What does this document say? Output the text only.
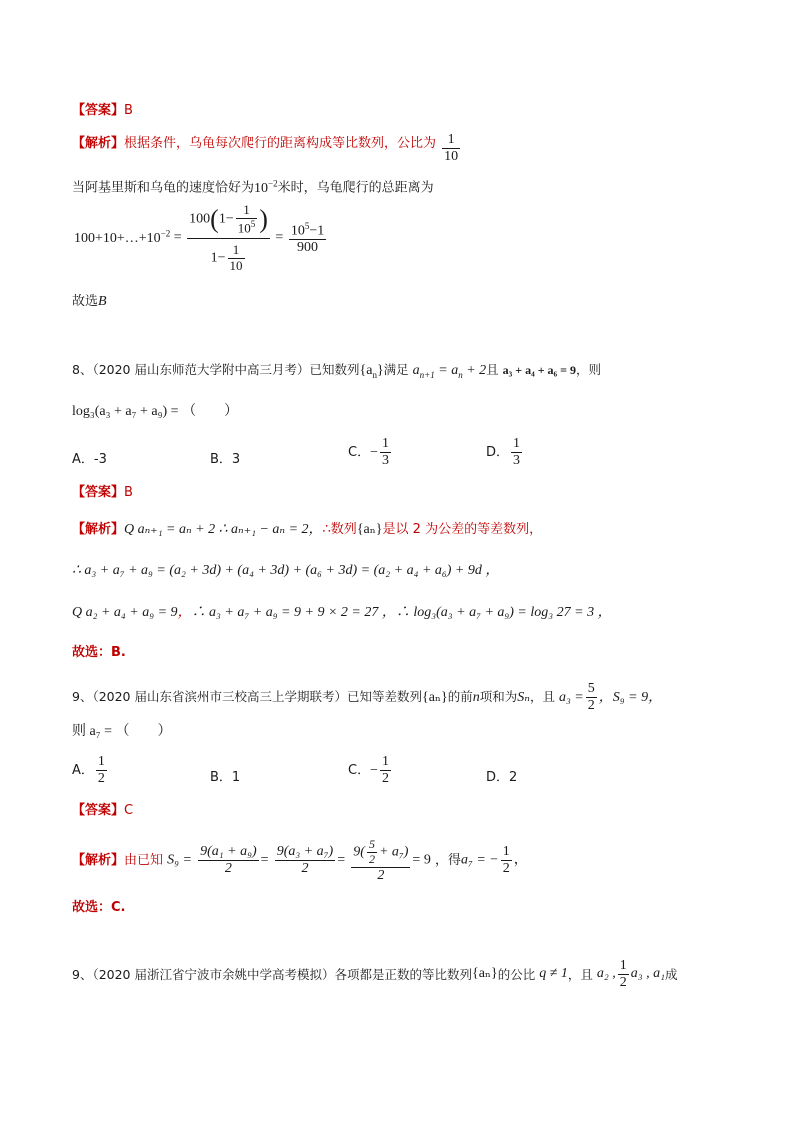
【答案】B
【解析】根据条件，乌龟每次爬行的距离构成等比数列，公比为 $\frac{1}{10}$
当阿基里斯和乌龟的速度恰好为$10^{-2}$米时，乌龟爬行的总距离为
$100+10+\dots+10^{-2} = \frac{100(1- \frac{1}{10^5} )}{1- \frac{1}{10}} = \frac{10^5-1}{900}$
故选B
8、（2020 届山东师范大学附中高三月考）已知数列$\{a_n\}$满足 $a_{n+1} = a_n + 2$且 a₃ + a₄ + a₆ = 9，则
log₃(a₃ + a₇ + a₉) = （　　）
A．-3	B．3	C．− $\frac{1}{3}$	D． $\frac{1}{3}$
【答案】B
【解析】Q aₙ₊₁ = aₙ + 2 ∴ aₙ₊₁ − aₙ = 2，∴数列{aₙ}是以 2 为公差的等差数列，
∴ a₃ + a₇ + a₉ = (a₂ + 3d) + (a₄ + 3d) + (a₆ + 3d) = (a₂ + a₄ + a₆) + 9d ，
Q a₂ + a₄ + a₉ = 9，∴ a₃ + a₇ + a₉ = 9 + 9 × 2 = 27 ，∴ log₃(a₃ + a₇ + a₉) = log₃ 27 = 3 ，
故选：B.
9、（2020 届山东省滨州市三校高三上学期联考）已知等差数列{aₙ}的前n项和为Sₙ，且 $a_3 = \frac{5}{2}$ ，S₉ = 9，
则 a₇ = （　　）
A． $\frac{1}{2}$	B．1	C．− $\frac{1}{2}$	D．2
【答案】C
【解析】由已知 $S_9 = \frac{\text{9(a₁ + a₉)}}{2} = \frac{\text{9(a₃ + a₇)}}{2} = \frac{9( \frac{5}{2} + a_7)}{2} = 9$ ，得a₇ = − $\frac{1}{2}$ ，
故选：C.
9、（2020 届浙江省宁波市余姚中学高考模拟）各项都是正数的等比数列{aₙ}的公比 q ≠ 1，且 a₂ , $\frac{1}{2} a_3$ , a₁成
